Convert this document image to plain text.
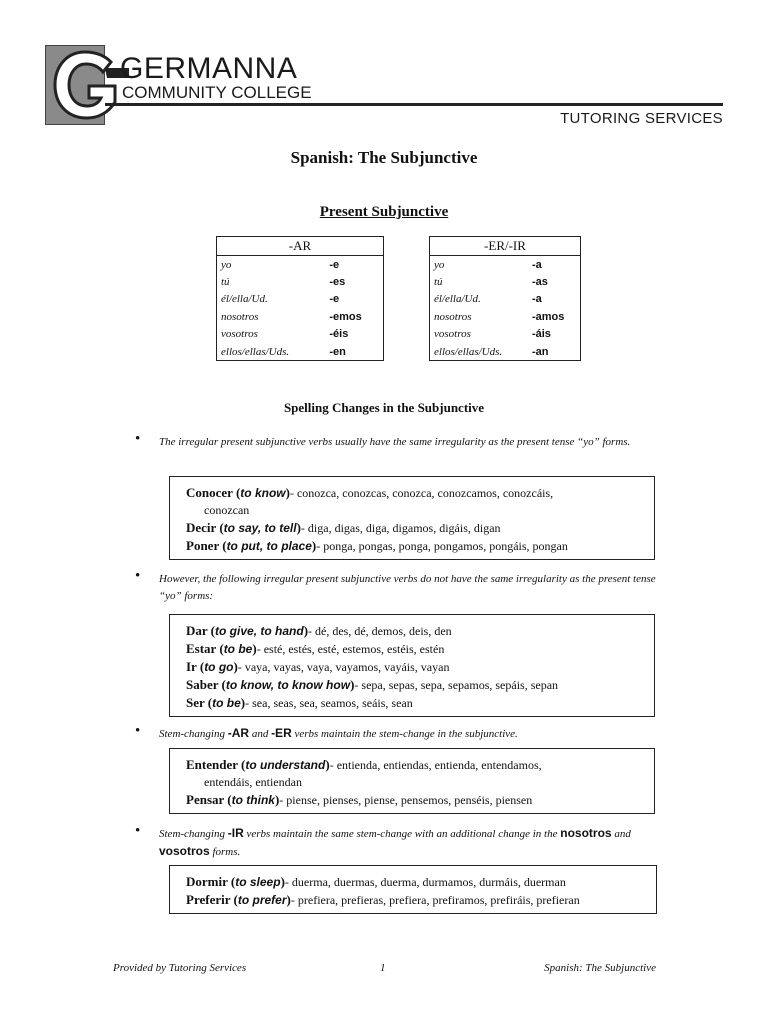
GERMANNA
COMMUNITY COLLEGE
TUTORING SERVICES
Spanish: The Subjunctive
Present Subjunctive
-AR	
yo	-e
tú	-es
él/ella/Ud.	-e
nosotros	-emos
vosotros	-éis
ellos/ellas/Uds.	-en
-ER/-IR	
yo	-a
tú	-as
él/ella/Ud.	-a
nosotros	-amos
vosotros	-áis
ellos/ellas/Uds.	-an
Spelling Changes in the Subjunctive
• The irregular present subjunctive verbs usually have the same irregularity as the present tense “yo” forms.
Conocer (to know)- conozca, conozcas, conozca, conozcamos, conozcáis,
conozcan
Decir (to say, to tell)- diga, digas, diga, digamos, digáis, digan
Poner (to put, to place)- ponga, pongas, ponga, pongamos, pongáis, pongan
• However, the following irregular present subjunctive verbs do not have the same irregularity as the present tense “yo” forms:
Dar (to give, to hand)- dé, des, dé, demos, deis, den
Estar (to be)- esté, estés, esté, estemos, estéis, estén
Ir (to go)- vaya, vayas, vaya, vayamos, vayáis, vayan
Saber (to know, to know how)- sepa, sepas, sepa, sepamos, sepáis, sepan
Ser (to be)- sea, seas, sea, seamos, seáis, sean
• Stem-changing -AR and -ER verbs maintain the stem-change in the subjunctive.
Entender (to understand)- entienda, entiendas, entienda, entendamos,
entendáis, entiendan
Pensar (to think)- piense, pienses, piense, pensemos, penséis, piensen
• Stem-changing -IR verbs maintain the same stem-change with an additional change in the nosotros and vosotros forms.
Dormir (to sleep)- duerma, duermas, duerma, durmamos, durmáis, duerman
Preferir (to prefer)- prefiera, prefieras, prefiera, prefiramos, prefiráis, prefieran
Provided by Tutoring Services	1	Spanish: The Subjunctive
